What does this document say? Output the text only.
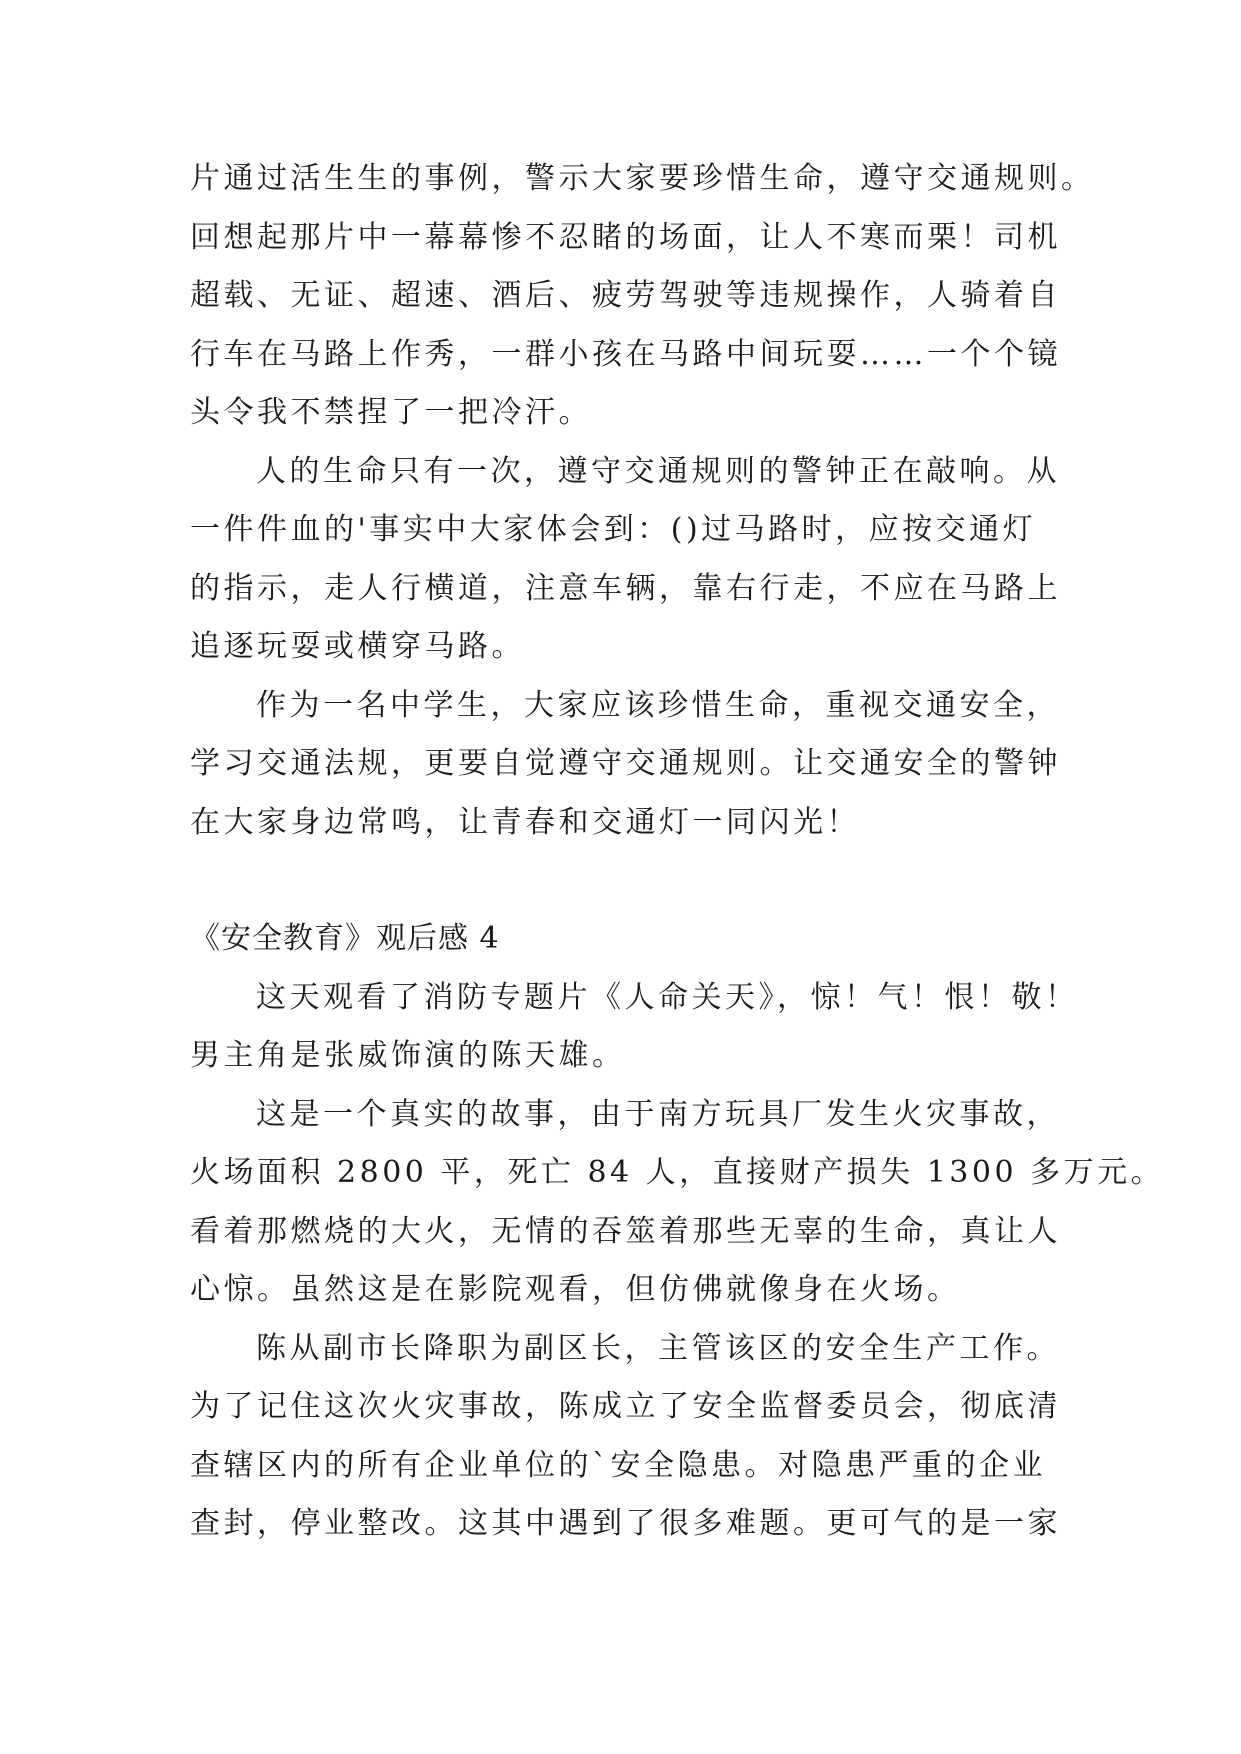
片通过活生生的事例，警示大家要珍惜生命，遵守交通规则。
回想起那片中一幕幕惨不忍睹的场面，让人不寒而栗！司机
超载、无证、超速、酒后、疲劳驾驶等违规操作，人骑着自
行车在马路上作秀，一群小孩在马路中间玩耍……一个个镜
头令我不禁捏了一把冷汗。
人的生命只有一次，遵守交通规则的警钟正在敲响。从
一件件血的'事实中大家体会到：()过马路时，应按交通灯
的指示，走人行横道，注意车辆，靠右行走，不应在马路上
追逐玩耍或横穿马路。
作为一名中学生，大家应该珍惜生命，重视交通安全，
学习交通法规，更要自觉遵守交通规则。让交通安全的警钟
在大家身边常鸣，让青春和交通灯一同闪光！
《安全教育》观后感 4
这天观看了消防专题片《人命关天》，惊！气！恨！敬！
男主角是张威饰演的陈天雄。
这是一个真实的故事，由于南方玩具厂发生火灾事故，
火场面积 2800 平，死亡 84 人，直接财产损失 1300 多万元。
看着那燃烧的大火，无情的吞筮着那些无辜的生命，真让人
心惊。虽然这是在影院观看，但仿佛就像身在火场。
陈从副市长降职为副区长，主管该区的安全生产工作。
为了记住这次火灾事故，陈成立了安全监督委员会，彻底清
查辖区内的所有企业单位的`安全隐患。对隐患严重的企业
查封，停业整改。这其中遇到了很多难题。更可气的是一家
